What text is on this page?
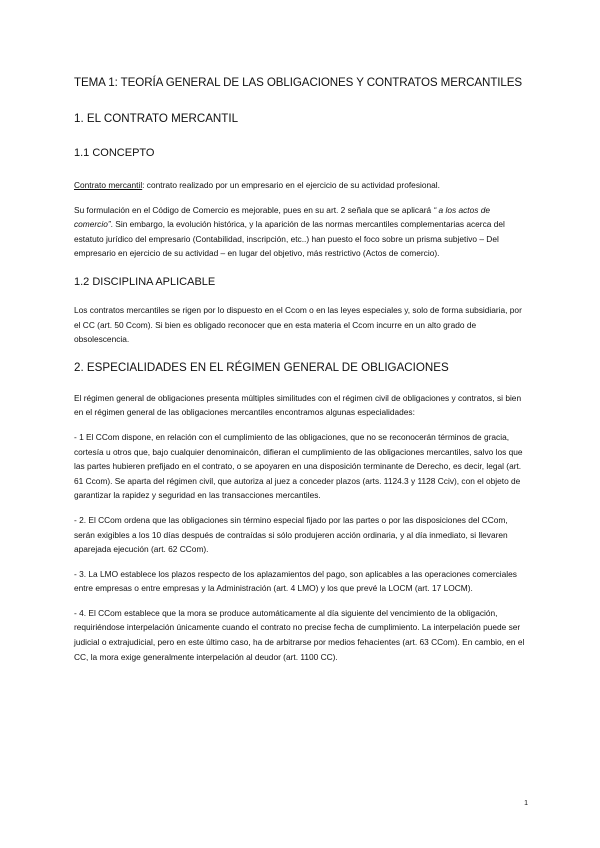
TEMA 1: TEORÍA GENERAL DE LAS OBLIGACIONES Y CONTRATOS MERCANTILES
1. EL CONTRATO MERCANTIL
1.1 CONCEPTO

Contrato mercantil: contrato realizado por un empresario en el ejercicio de su actividad profesional.

Su formulación en el Código de Comercio es mejorable, pues en su art. 2 señala que se aplicará “ a los actos de comercio”. Sin embargo, la evolución histórica, y la aparición de las normas mercantiles complementarias acerca del estatuto jurídico del empresario (Contabilidad, inscripción, etc..) han puesto el foco sobre un prisma subjetivo – Del empresario en ejercicio de su actividad – en lugar del objetivo, más restrictivo (Actos de comercio).

1.2 DISCIPLINA APLICABLE

Los contratos mercantiles se rigen por lo dispuesto en el Ccom o en las leyes especiales y, solo de forma subsidiaria, por el CC (art. 50 Ccom). Si bien es obligado reconocer que en esta materia el Ccom incurre en un alto grado de obsolescencia.

2. ESPECIALIDADES EN EL RÉGIMEN GENERAL DE OBLIGACIONES

El régimen general de obligaciones presenta múltiples similitudes con el régimen civil de obligaciones y contratos, si bien en el régimen general de las obligaciones mercantiles encontramos algunas especialidades:

- 1 El CCom dispone, en relación con el cumplimiento de las obligaciones, que no se reconocerán términos de gracia, cortesía u otros que, bajo cualquier denominaicón, difieran el cumplimiento de las obligaciones mercantiles, salvo los que las partes hubieren prefijado en el contrato, o se apoyaren en una disposición terminante de Derecho, es decir, legal (art. 61 Ccom). Se aparta del régimen civil, que autoriza al juez a conceder plazos (arts. 1124.3 y 1128 Cciv), con el objeto de garantizar la rapidez y seguridad en las transacciones mercantiles.

- 2. El CCom ordena que las obligaciones sin término especial fijado por las partes o por las disposiciones del CCom, serán exigibles a los 10 días después de contraídas si sólo produjeren acción ordinaria, y al día inmediato, si llevaren aparejada ejecución (art. 62 CCom).

- 3. La LMO establece los plazos respecto de los aplazamientos del pago, son aplicables a las operaciones comerciales entre empresas o entre empresas y la Administración (art. 4 LMO) y los que prevé la LOCM (art. 17 LOCM).

- 4. El CCom establece que la mora se produce automáticamente al día siguiente del vencimiento de la obligación, requiriéndose interpelación únicamente cuando el contrato no precise fecha de cumplimiento. La interpelación puede ser judicial o extrajudicial, pero en este último caso, ha de arbitrarse por medios fehacientes (art. 63 CCom). En cambio, en el CC, la mora exige generalmente interpelación al deudor (art. 1100 CC).

1
